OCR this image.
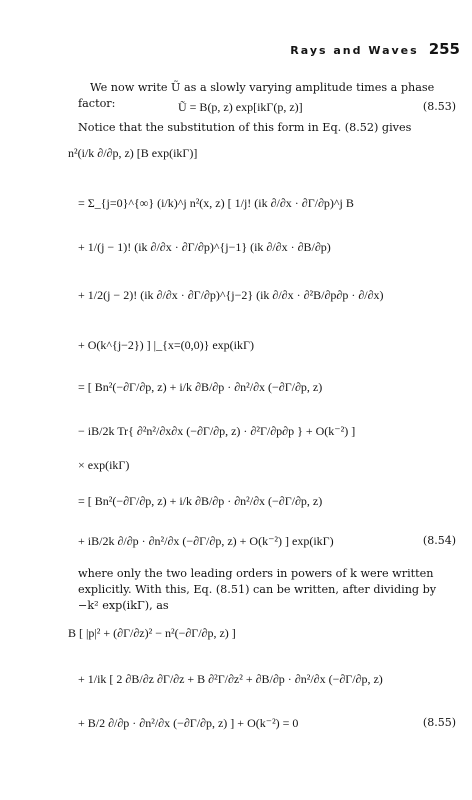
Rays and Waves 255

We now write Ũ as a slowly varying amplitude times a phase factor:	Ũ = B(p, z) exp[ikΓ(p, z)]	(8.53)

Notice that the substitution of this form in Eq. (8.52) gives

n²(i/k ∂/∂p, z) [B exp(ikΓ)]
= Σ_{j=0}^{∞} (i/k)^j n²(x, z) [ 1/j! (ik ∂/∂x · ∂Γ/∂p)^j B
+ 1/(j − 1)! (ik ∂/∂x · ∂Γ/∂p)^{j−1} (ik ∂/∂x · ∂B/∂p)
+ 1/2(j − 2)! (ik ∂/∂x · ∂Γ/∂p)^{j−2} (ik ∂/∂x · ∂²B/∂p∂p · ∂/∂x)
+ O(k^{j−2}) ] |_{x=(0,0)} exp(ikΓ)
= [ Bn²(−∂Γ/∂p, z) + i/k ∂B/∂p · ∂n²/∂x (−∂Γ/∂p, z)
− iB/2k Tr{ ∂²n²/∂x∂x (−∂Γ/∂p, z) · ∂²Γ/∂p∂p } + O(k⁻²) ]
× exp(ikΓ)
= [ Bn²(−∂Γ/∂p, z) + i/k ∂B/∂p · ∂n²/∂x (−∂Γ/∂p, z)
+ iB/2k ∂/∂p · ∂n²/∂x (−∂Γ/∂p, z) + O(k⁻²) ] exp(ikΓ)	(8.54)

where only the two leading orders in powers of k were written explicitly. With this, Eq. (8.51) can be written, after dividing by −k² exp(ikΓ), as

B [ |p|² + (∂Γ/∂z)² − n²(−∂Γ/∂p, z) ]
+ 1/ik [ 2 ∂B/∂z ∂Γ/∂z + B ∂²Γ/∂z² + ∂B/∂p · ∂n²/∂x (−∂Γ/∂p, z)
+ B/2 ∂/∂p · ∂n²/∂x (−∂Γ/∂p, z) ] + O(k⁻²) = 0	(8.55)
